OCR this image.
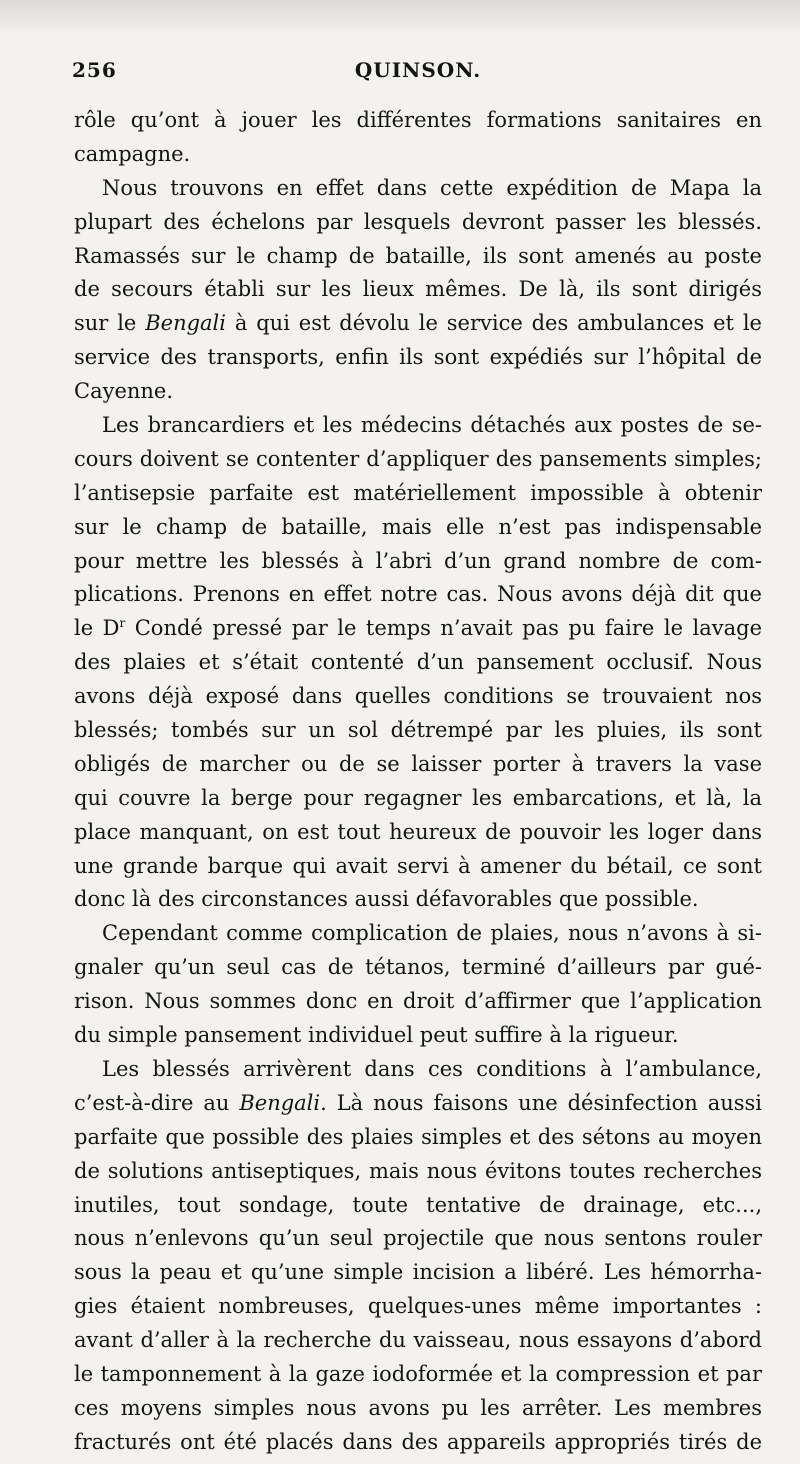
256	QUINSON.
rôle qu’ont à jouer les différentes formations sanitaires en
campagne.
Nous trouvons en effet dans cette expédition de Mapa la
plupart des échelons par lesquels devront passer les blessés.
Ramassés sur le champ de bataille, ils sont amenés au poste
de secours établi sur les lieux mêmes. De là, ils sont dirigés
sur le Bengali à qui est dévolu le service des ambulances et le
service des transports, enfin ils sont expédiés sur l’hôpital de
Cayenne.
Les brancardiers et les médecins détachés aux postes de se-
cours doivent se contenter d’appliquer des pansements simples;
l’antisepsie parfaite est matériellement impossible à obtenir
sur le champ de bataille, mais elle n’est pas indispensable
pour mettre les blessés à l’abri d’un grand nombre de com-
plications. Prenons en effet notre cas. Nous avons déjà dit que
le $D^r$ Condé pressé par le temps n’avait pas pu faire le lavage
des plaies et s’était contenté d’un pansement occlusif. Nous
avons déjà exposé dans quelles conditions se trouvaient nos
blessés; tombés sur un sol détrempé par les pluies, ils sont
obligés de marcher ou de se laisser porter à travers la vase
qui couvre la berge pour regagner les embarcations, et là, la
place manquant, on est tout heureux de pouvoir les loger dans
une grande barque qui avait servi à amener du bétail, ce sont
donc là des circonstances aussi défavorables que possible.
Cependant comme complication de plaies, nous n’avons à si-
gnaler qu’un seul cas de tétanos, terminé d’ailleurs par gué-
rison. Nous sommes donc en droit d’affirmer que l’application
du simple pansement individuel peut suffire à la rigueur.
Les blessés arrivèrent dans ces conditions à l’ambulance,
c’est-à-dire au Bengali. Là nous faisons une désinfection aussi
parfaite que possible des plaies simples et des sétons au moyen
de solutions antiseptiques, mais nous évitons toutes recherches
inutiles, tout sondage, toute tentative de drainage, etc...,
nous n’enlevons qu’un seul projectile que nous sentons rouler
sous la peau et qu’une simple incision a libéré. Les hémorrha-
gies étaient nombreuses, quelques-unes même importantes :
avant d’aller à la recherche du vaisseau, nous essayons d’abord
le tamponnement à la gaze iodoformée et la compression et par
ces moyens simples nous avons pu les arrêter. Les membres
fracturés ont été placés dans des appareils appropriés tirés de
